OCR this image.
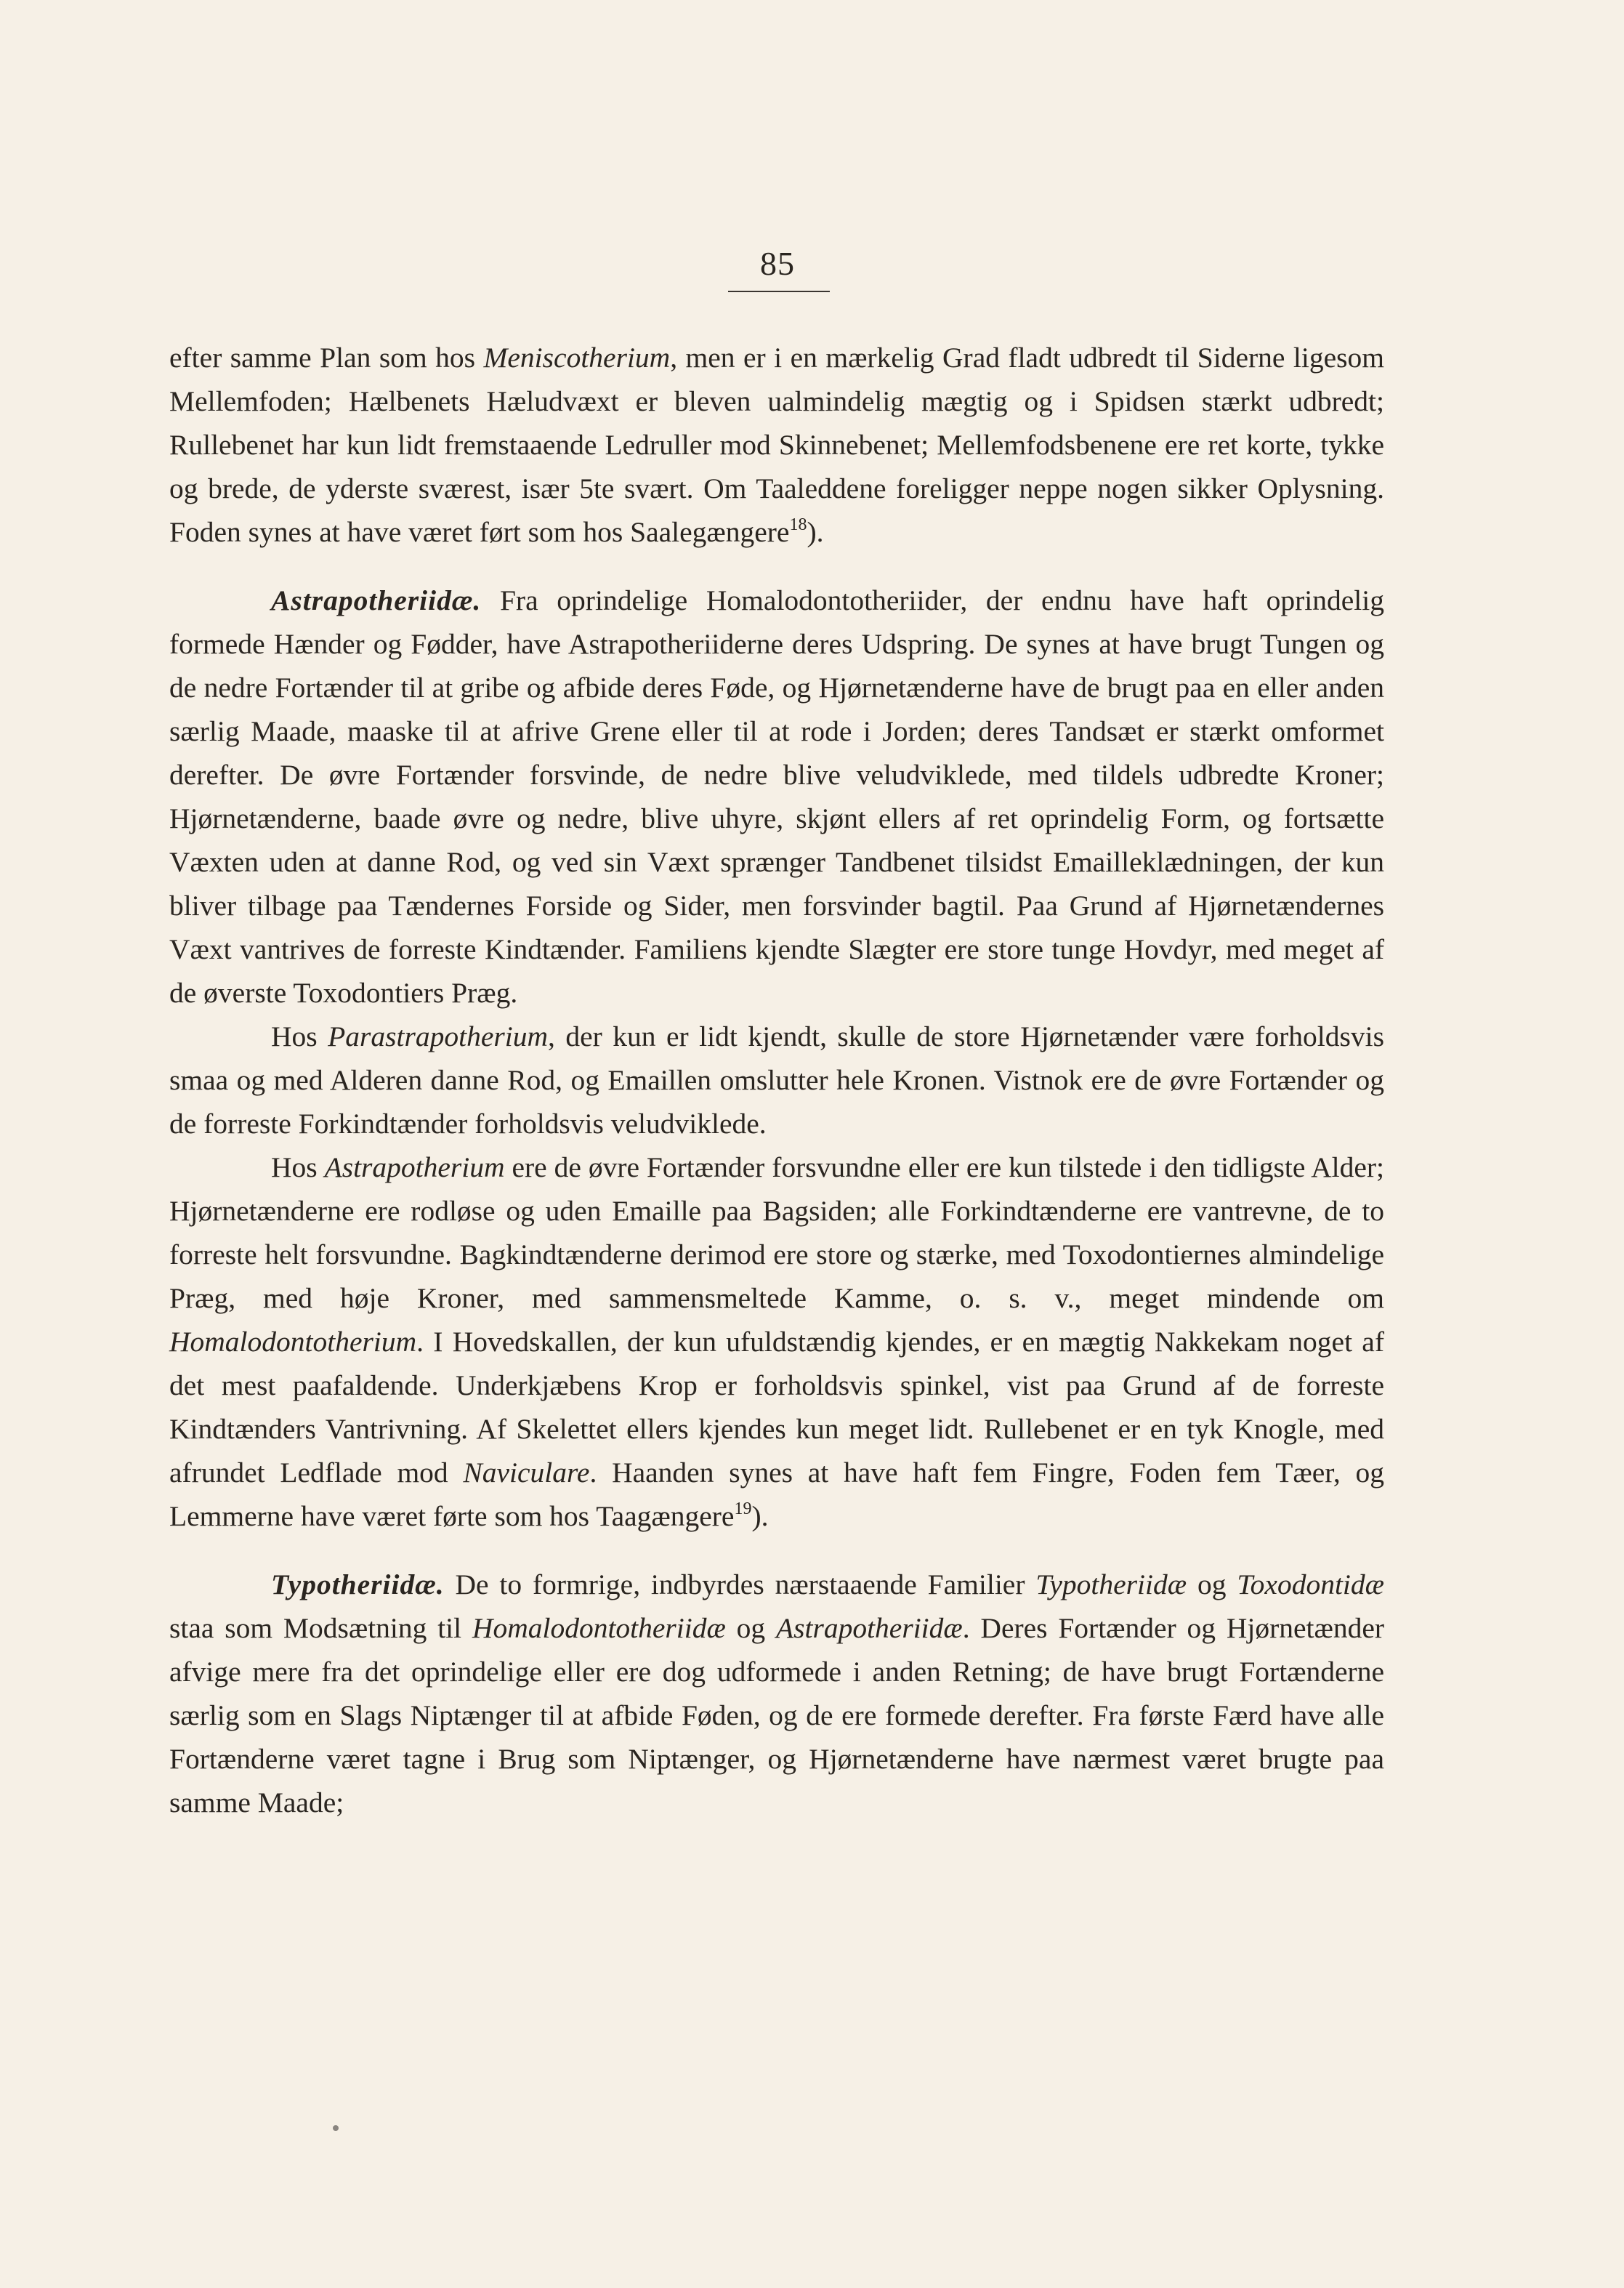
85

efter samme Plan som hos Meniscotherium, men er i en mærkelig Grad fladt udbredt til Siderne ligesom Mellemfoden; Hælbenets Hæludvæxt er bleven ualmindelig mægtig og i Spidsen stærkt udbredt; Rullebenet har kun lidt fremstaaende Ledruller mod Skinnebenet; Mellemfodsbenene ere ret korte, tykke og brede, de yderste sværest, især 5te svært. Om Taaleddene foreligger neppe nogen sikker Oplysning. Foden synes at have været ført som hos Saalegængere$^{18}$).

Astrapotheriidæ. Fra oprindelige Homalodontotheriider, der endnu have haft oprindelig formede Hænder og Fødder, have Astrapotheriiderne deres Udspring. De synes at have brugt Tungen og de nedre Fortænder til at gribe og afbide deres Føde, og Hjørnetænderne have de brugt paa en eller anden særlig Maade, maaske til at afrive Grene eller til at rode i Jorden; deres Tandsæt er stærkt omformet derefter. De øvre Fortænder forsvinde, de nedre blive veludviklede, med tildels udbredte Kroner; Hjørnetænderne, baade øvre og nedre, blive uhyre, skjønt ellers af ret oprindelig Form, og fortsætte Væxten uden at danne Rod, og ved sin Væxt sprænger Tandbenet tilsidst Emailleklædningen, der kun bliver tilbage paa Tændernes Forside og Sider, men forsvinder bagtil. Paa Grund af Hjørnetændernes Væxt vantrives de forreste Kindtænder. Familiens kjendte Slægter ere store tunge Hovdyr, med meget af de øverste Toxodontiers Præg.

Hos Parastrapotherium, der kun er lidt kjendt, skulle de store Hjørnetænder være forholdsvis smaa og med Alderen danne Rod, og Emaillen omslutter hele Kronen. Vistnok ere de øvre Fortænder og de forreste Forkindtænder forholdsvis veludviklede.

Hos Astrapotherium ere de øvre Fortænder forsvundne eller ere kun tilstede i den tidligste Alder; Hjørnetænderne ere rodløse og uden Emaille paa Bagsiden; alle Forkindtænderne ere vantrevne, de to forreste helt forsvundne. Bagkindtænderne derimod ere store og stærke, med Toxodontiernes almindelige Præg, med høje Kroner, med sammensmeltede Kamme, o. s. v., meget mindende om Homalodontotherium. I Hovedskallen, der kun ufuldstændig kjendes, er en mægtig Nakkekam noget af det mest paafaldende. Underkjæbens Krop er forholdsvis spinkel, vist paa Grund af de forreste Kindtænders Vantrivning. Af Skelettet ellers kjendes kun meget lidt. Rullebenet er en tyk Knogle, med afrundet Ledflade mod Naviculare. Haanden synes at have haft fem Fingre, Foden fem Tæer, og Lemmerne have været førte som hos Taagængere$^{19}$).

Typotheriidæ. De to formrige, indbyrdes nærstaaende Familier Typotheriidæ og Toxodontidæ staa som Modsætning til Homalodontotheriidæ og Astrapotheriidæ. Deres Fortænder og Hjørnetænder afvige mere fra det oprindelige eller ere dog udformede i anden Retning; de have brugt Fortænderne særlig som en Slags Niptænger til at afbide Føden, og de ere formede derefter. Fra første Færd have alle Fortænderne været tagne i Brug som Niptænger, og Hjørnetænderne have nærmest været brugte paa samme Maade;
